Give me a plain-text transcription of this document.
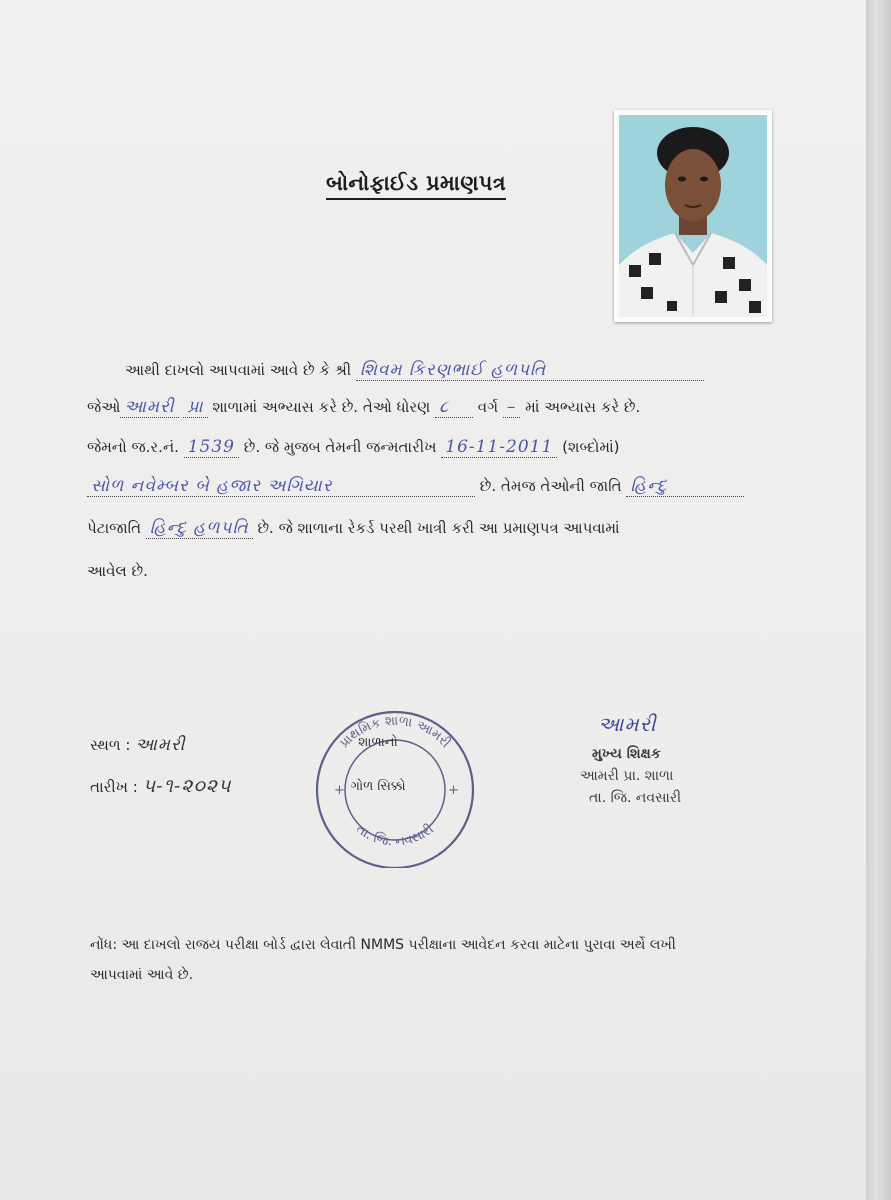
બોનોફાઈડ પ્રમાણપત્ર
આથી દાખલો આપવામાં આવે છે કે શ્રી શિવમ કિરણભાઈ હળપતિ
જેઓ આમરી પ્રા શાળામાં અભ્યાસ કરે છે. તેઓ ધોરણ ૮ વર્ગ – માં અભ્યાસ કરે છે.
જેમનો જ.ર.નં. 1539 છે. જે મુજબ તેમની જન્મતારીખ 16-11-2011 (શબ્દોમાં)
સોળ નવેમ્બર બે હજાર અગિયાર	છે. તેમજ તેઓની જાતિ હિન્દુ
પેટાજાતિ હિન્દુ હળપતિ છે. જે શાળાના રેકર્ડ પરથી ખાત્રી કરી આ પ્રમાણપત્ર આપવામાં
આવેલ છે.
સ્થળ : આમરી
તારીખ : ૫-૧-૨૦૨૫
પ્રાથમિક શાળા આમરી
તા. જિ. નવસારી
+	+
શાળાનો
ગોળ સિક્કો
આમરી
મુખ્ય શિક્ષક
આમરી પ્રા. શાળા
તા. જિ. નવસારી
નોંધ: આ દાખલો રાજય પરીક્ષા બોર્ડ દ્વારા લેવાતી NMMS પરીક્ષાના આવેદન કરવા માટેના પુરાવા અર્થે લખી
આપવામાં આવે છે.
